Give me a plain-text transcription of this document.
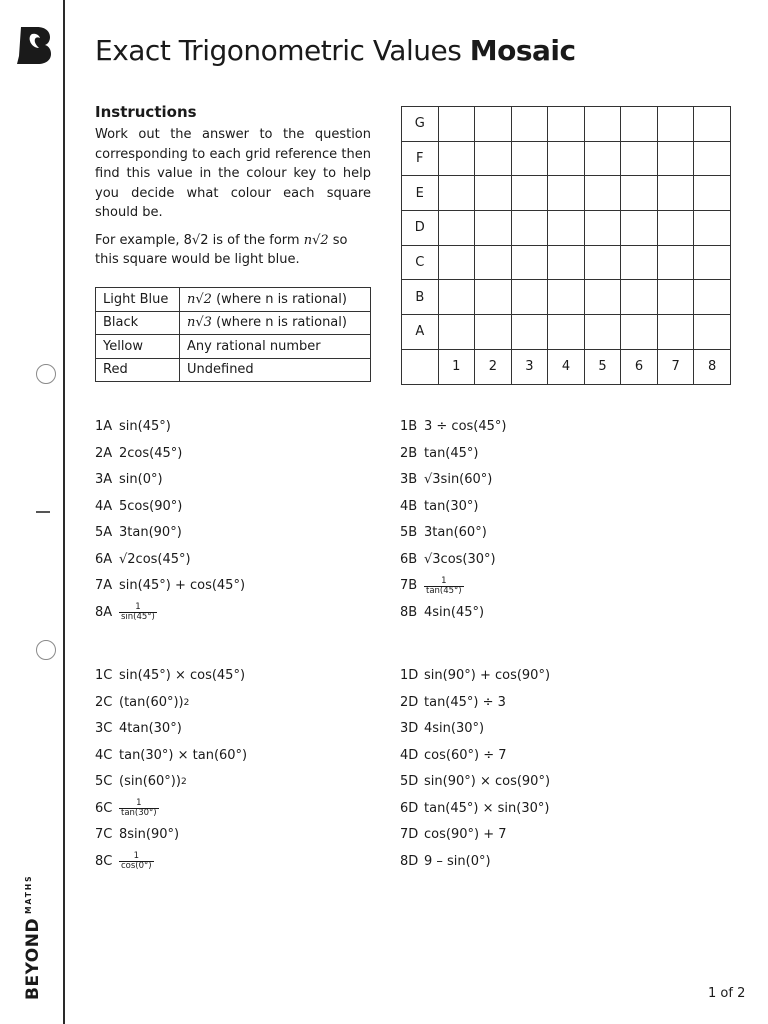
$BEYOND^{MATHS}$
Exact Trigonometric Values Mosaic
Instructions

Work out the answer to the question corresponding to each grid reference then find this value in the colour key to help you decide what colour each square should be.

For example, 8√2 is of the form n√2 so this square would be light blue.

Light Blue	n√2 (where n is rational)
Black	n√3 (where n is rational)
Yellow	Any rational number
Red	Undefined
G								
F								
E								
D								
C								
B								
A								
	1	2	3	4	5	6	7	8
1A sin(45°)
2A 2cos(45°)
3A sin(0°)
4A 5cos(90°)
5A 3tan(90°)
6A √2cos(45°)
7A sin(45°) + cos(45°)
$8A \frac{1}{\sin(45^\circ)}$
1B 3 ÷ cos(45°)
2B tan(45°)
3B √3sin(60°)
4B tan(30°)
5B 3tan(60°)
6B √3cos(30°)
$7B \frac{1}{\tan(45^\circ)}$
8B 4sin(45°)
1C sin(45°) × cos(45°)
2C (tan(60°)) 2
3C 4tan(30°)
4C tan(30°) × tan(60°)
5C (sin(60°)) 2
$6C \frac{1}{\tan(30^\circ)}$
7C 8sin(90°)
$8C \frac{1}{\cos(0^\circ)}$
1D sin(90°) + cos(90°)
2D tan(45°) ÷ 3
3D 4sin(30°)
4D cos(60°) ÷ 7
5D sin(90°) × cos(90°)
6D tan(45°) × sin(30°)
7D cos(90°) + 7
8D 9 – sin(0°)
1 of 2
